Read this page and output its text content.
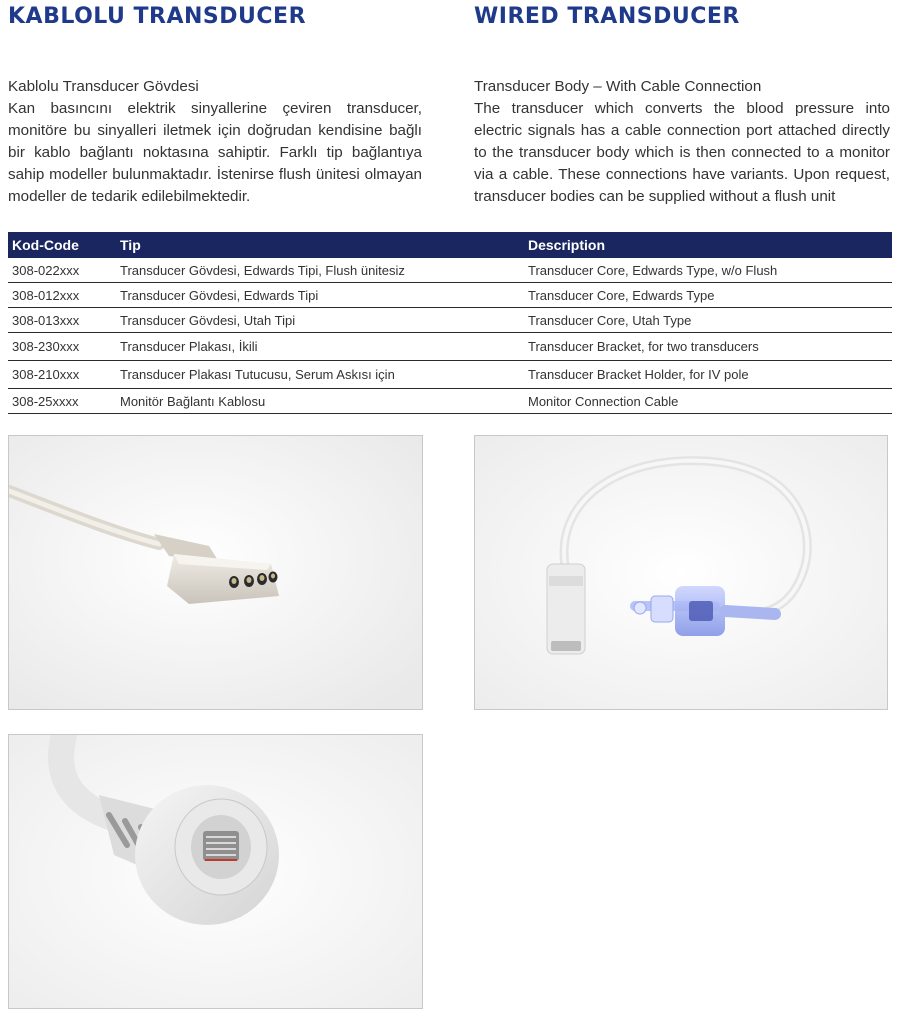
KABLOLU TRANSDUCER	WIRED TRANSDUCER
Kablolu Transducer Gövdesi
Kan basıncını elektrik sinyallerine çeviren transducer, monitöre bu sinyalleri iletmek için doğrudan kendisine bağlı bir kablo bağlantı noktasına sahiptir. Farklı tip bağlantıya sahip modeller bulunmaktadır. İstenirse flush ünitesi olmayan modeller de tedarik edilebilmektedir.
Transducer Body – With Cable Connection
The transducer which converts the blood pressure into electric signals has a cable connection port attached directly to the transducer body which is then connected to a monitor via a cable. These connections have variants. Upon request, transducer bodies can be supplied without a flush unit
Kod-Code	Tip	Description
308-022xxx	Transducer Gövdesi, Edwards Tipi, Flush ünitesiz	Transducer Core, Edwards Type, w/o Flush
308-012xxx	Transducer Gövdesi, Edwards Tipi	Transducer Core, Edwards Type
308-013xxx	Transducer Gövdesi, Utah Tipi	Transducer Core, Utah Type
308-230xxx	Transducer Plakası, İkili	Transducer Bracket, for two transducers
308-210xxx	Transducer Plakası Tutucusu, Serum Askısı için	Transducer Bracket Holder, for IV pole
308-25xxxx	Monitör Bağlantı Kablosu	Monitor Connection Cable
